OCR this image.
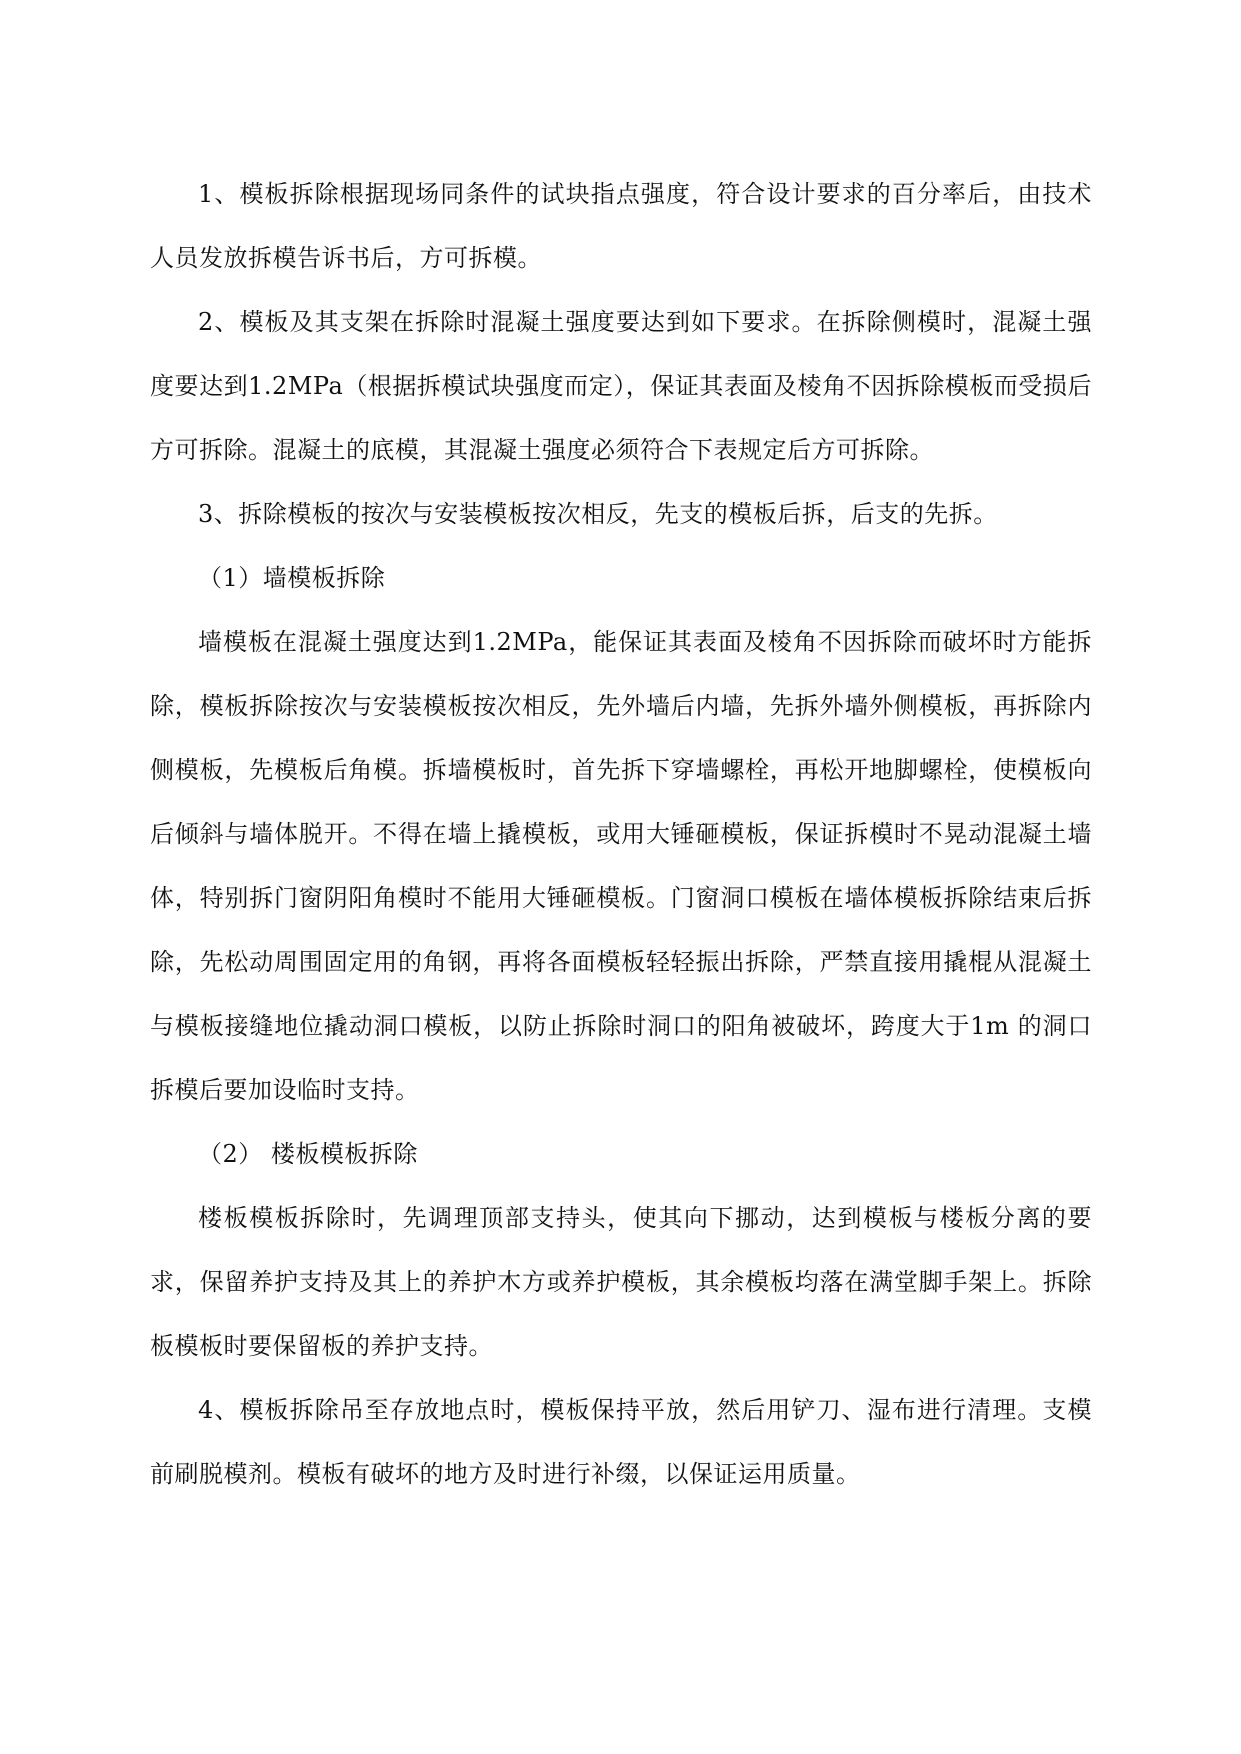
1、模板拆除根据现场同条件的试块指点强度，符合设计要求的百分率后，由技术人员发放拆模告诉书后，方可拆模。

2、模板及其支架在拆除时混凝土强度要达到如下要求。在拆除侧模时，混凝土强度要达到1.2MPa（根据拆模试块强度而定），保证其表面及棱角不因拆除模板而受损后方可拆除。混凝土的底模，其混凝土强度必须符合下表规定后方可拆除。

3、拆除模板的按次与安装模板按次相反，先支的模板后拆，后支的先拆。

（1）墙模板拆除

墙模板在混凝土强度达到1.2MPa，能保证其表面及棱角不因拆除而破坏时方能拆除，模板拆除按次与安装模板按次相反，先外墙后内墙，先拆外墙外侧模板，再拆除内侧模板，先模板后角模。拆墙模板时，首先拆下穿墙螺栓，再松开地脚螺栓，使模板向后倾斜与墙体脱开。不得在墙上撬模板，或用大锤砸模板，保证拆模时不晃动混凝土墙体，特别拆门窗阴阳角模时不能用大锤砸模板。门窗洞口模板在墙体模板拆除结束后拆除，先松动周围固定用的角钢，再将各面模板轻轻振出拆除，严禁直接用撬棍从混凝土与模板接缝地位撬动洞口模板，以防止拆除时洞口的阳角被破坏，跨度大于1m 的洞口拆模后要加设临时支持。

（2） 楼板模板拆除

楼板模板拆除时，先调理顶部支持头，使其向下挪动，达到模板与楼板分离的要求，保留养护支持及其上的养护木方或养护模板，其余模板均落在满堂脚手架上。拆除板模板时要保留板的养护支持。

4、模板拆除吊至存放地点时，模板保持平放，然后用铲刀、湿布进行清理。支模前刷脱模剂。模板有破坏的地方及时进行补缀，以保证运用质量。
